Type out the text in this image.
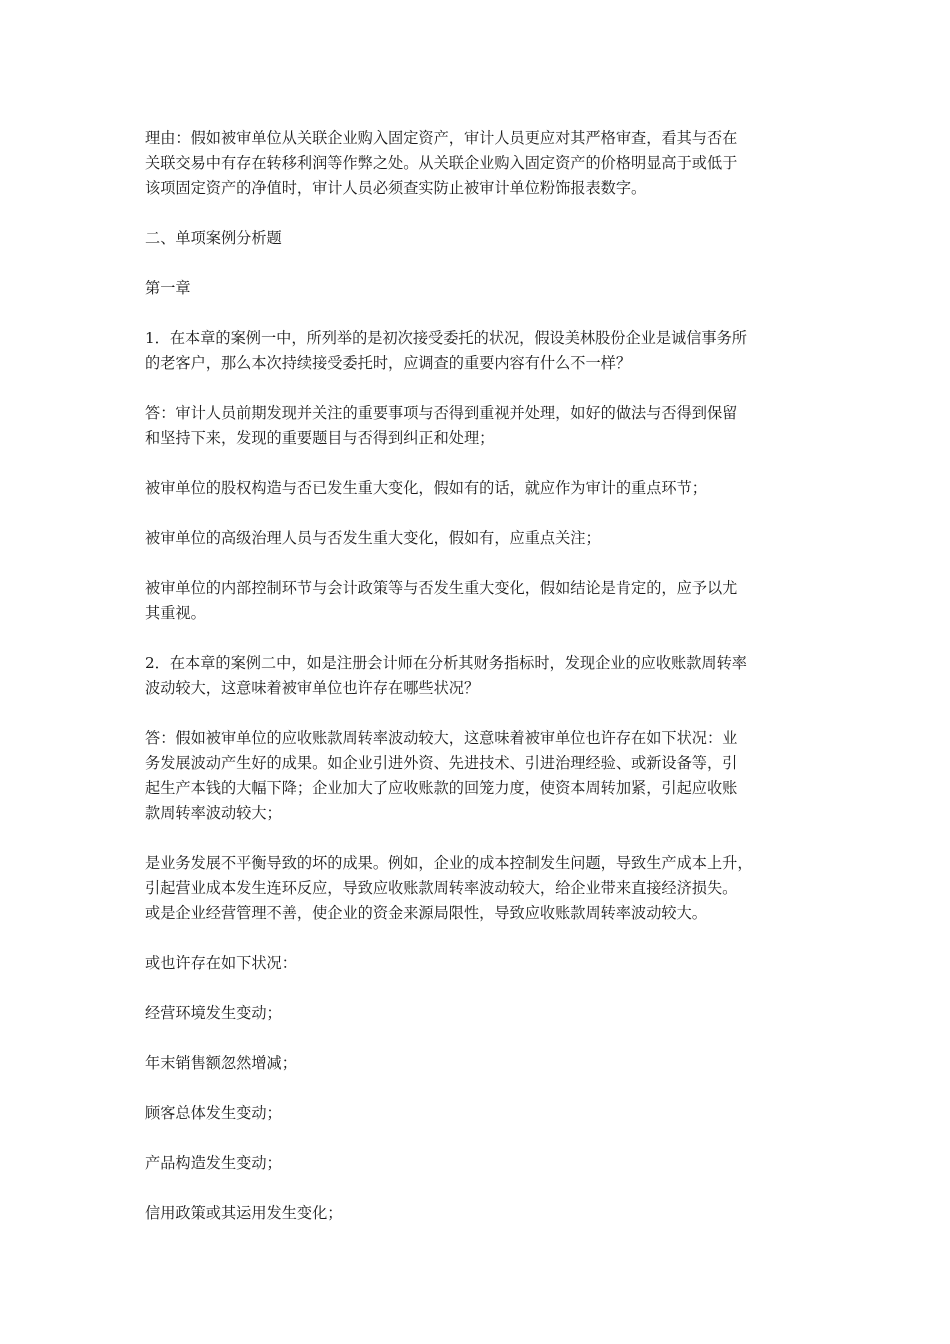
理由：假如被审单位从关联企业购入固定资产，审计人员更应对其严格审查，看其与否在
关联交易中有存在转移利润等作弊之处。从关联企业购入固定资产的价格明显高于或低于
该项固定资产的净值时，审计人员必须查实防止被审计单位粉饰报表数字。

二、单项案例分析题

第一章

1．在本章的案例一中，所列举的是初次接受委托的状况，假设美林股份企业是诚信事务所
的老客户，那么本次持续接受委托时，应调查的重要内容有什么不一样？

答：审计人员前期发现并关注的重要事项与否得到重视并处理，如好的做法与否得到保留
和坚持下来，发现的重要题目与否得到纠正和处理；

被审单位的股权构造与否已发生重大变化，假如有的话，就应作为审计的重点环节；

被审单位的高级治理人员与否发生重大变化，假如有，应重点关注；

被审单位的内部控制环节与会计政策等与否发生重大变化，假如结论是肯定的，应予以尤
其重视。

2．在本章的案例二中，如是注册会计师在分析其财务指标时，发现企业的应收账款周转率
波动较大，这意味着被审单位也许存在哪些状况？

答：假如被审单位的应收账款周转率波动较大，这意味着被审单位也许存在如下状况：业
务发展波动产生好的成果。如企业引进外资、先进技术、引进治理经验、或新设备等，引
起生产本钱的大幅下降；企业加大了应收账款的回笼力度，使资本周转加紧，引起应收账
款周转率波动较大；

是业务发展不平衡导致的坏的成果。例如，企业的成本控制发生问题，导致生产成本上升，
引起营业成本发生连环反应，导致应收账款周转率波动较大，给企业带来直接经济损失。
或是企业经营管理不善，使企业的资金来源局限性，导致应收账款周转率波动较大。

或也许存在如下状况：

经营环境发生变动；

年末销售额忽然增减；

顾客总体发生变动；

产品构造发生变动；

信用政策或其运用发生变化；
